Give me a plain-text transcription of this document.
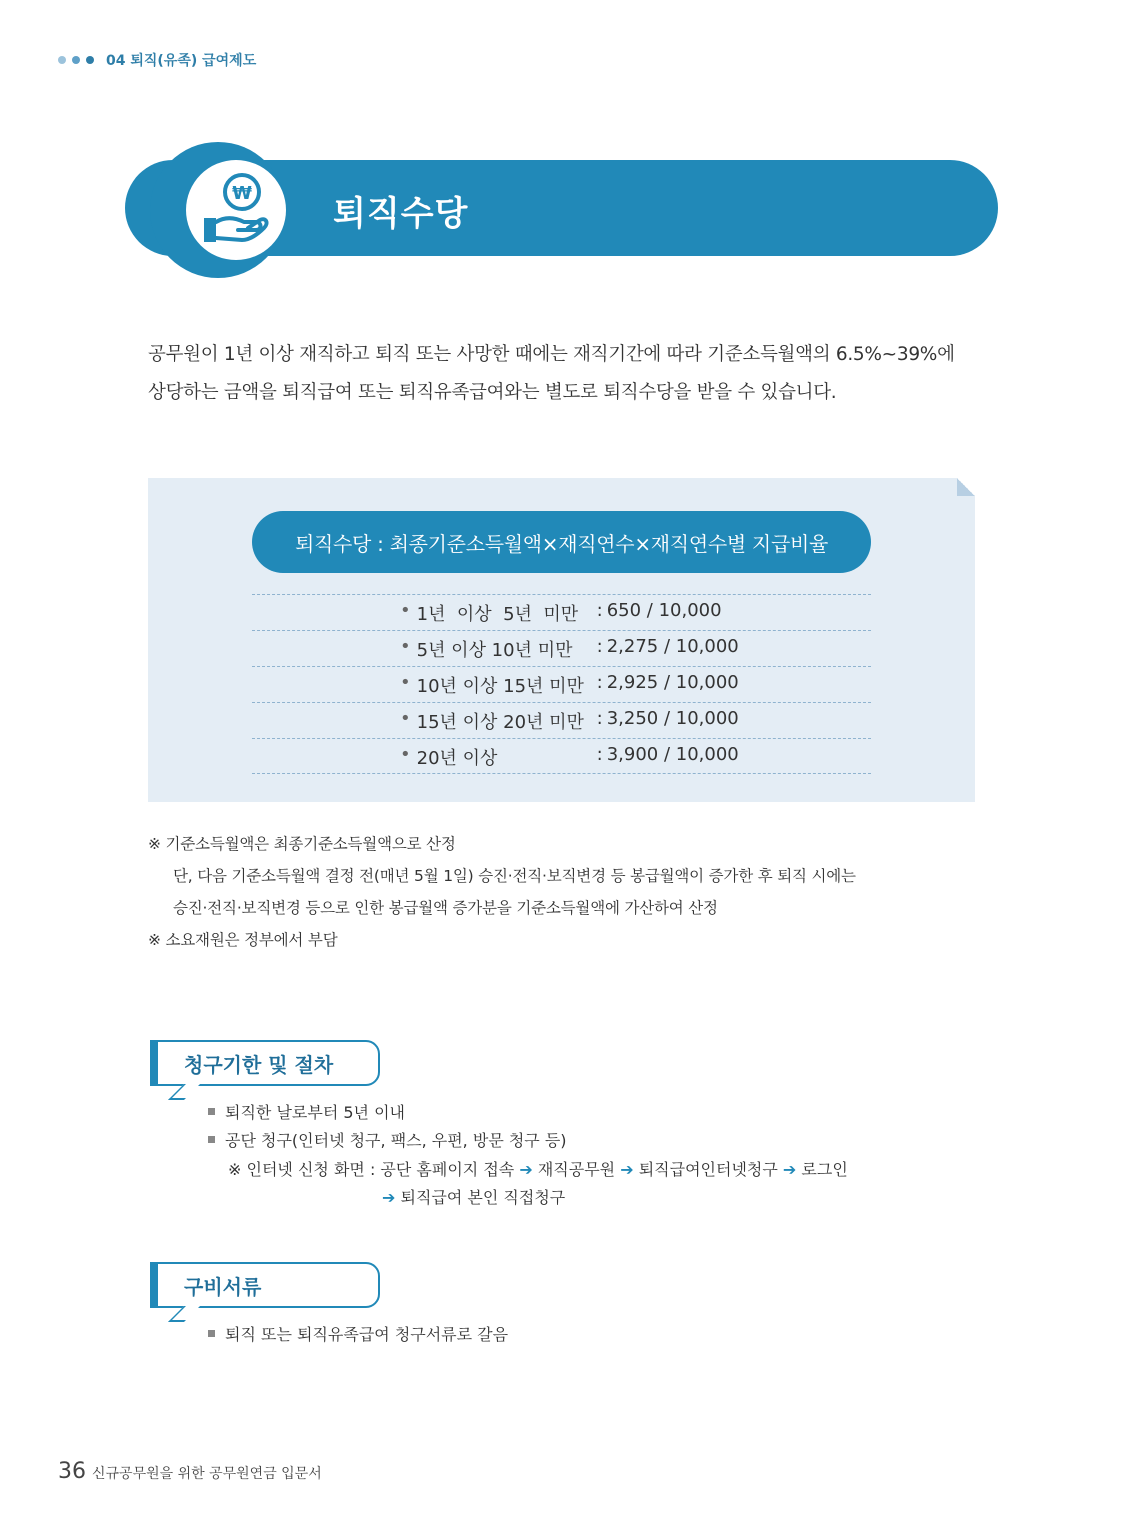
04 퇴직(유족) 급여제도
₩
퇴직수당
공무원이 1년 이상 재직하고 퇴직 또는 사망한 때에는 재직기간에 따라 기준소득월액의 6.5%~39%에
상당하는 금액을 퇴직급여 또는 퇴직유족급여와는 별도로 퇴직수당을 받을 수 있습니다.
퇴직수당 : 최종기준소득월액×재직연수×재직연수별 지급비율
• 1년  이상  5년  미만	: 650 / 10,000
• 5년 이상 10년 미만	: 2,275 / 10,000
• 10년 이상 15년 미만 : 2,925 / 10,000
• 15년 이상 20년 미만 : 3,250 / 10,000
• 20년 이상	: 3,900 / 10,000
※ 기준소득월액은 최종기준소득월액으로 산정
단, 다음 기준소득월액 결정 전(매년 5월 1일) 승진·전직·보직변경 등 봉급월액이 증가한 후 퇴직 시에는
승진·전직·보직변경 등으로 인한 봉급월액 증가분을 기준소득월액에 가산하여 산정
※ 소요재원은 정부에서 부담
청구기한 및 절차
퇴직한 날로부터 5년 이내
공단 청구(인터넷 청구, 팩스, 우편, 방문 청구 등)
※ 인터넷 신청 화면 : 공단 홈페이지 접속 ➔ 재직공무원 ➔ 퇴직급여인터넷청구 ➔ 로그인
➔ 퇴직급여 본인 직접청구
구비서류
퇴직 또는 퇴직유족급여 청구서류로 갈음
36 신규공무원을 위한 공무원연금 입문서
